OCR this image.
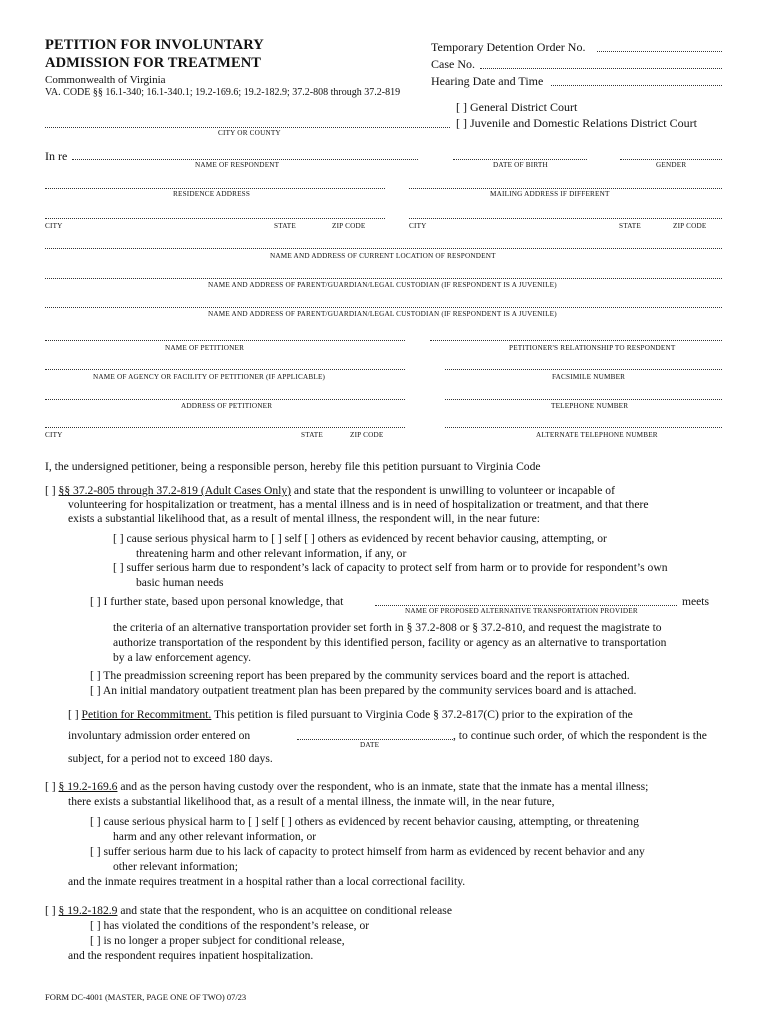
PETITION FOR INVOLUNTARY
ADMISSION FOR TREATMENT
Commonwealth of Virginia
VA. CODE §§ 16.1-340; 16.1-340.1; 19.2-169.6; 19.2-182.9; 37.2-808 through 37.2-819
Temporary Detention Order No.
Case No.
Hearing Date and Time
[ ] General District Court
[ ] Juvenile and Domestic Relations District Court
CITY OR COUNTY
In re
NAME OF RESPONDENT	DATE OF BIRTH	GENDER
RESIDENCE ADDRESS	MAILING ADDRESS IF DIFFERENT
CITY	STATE	ZIP CODE	CITY	STATE	ZIP CODE
NAME AND ADDRESS OF CURRENT LOCATION OF RESPONDENT
NAME AND ADDRESS OF PARENT/GUARDIAN/LEGAL CUSTODIAN (IF RESPONDENT IS A JUVENILE)
NAME AND ADDRESS OF PARENT/GUARDIAN/LEGAL CUSTODIAN (IF RESPONDENT IS A JUVENILE)
NAME OF PETITIONER	PETITIONER'S RELATIONSHIP TO RESPONDENT
NAME OF AGENCY OR FACILITY OF PETITIONER (IF APPLICABLE)	FACSIMILE NUMBER
ADDRESS OF PETITIONER	TELEPHONE NUMBER
CITY	STATE	ZIP CODE	ALTERNATE TELEPHONE NUMBER
I, the undersigned petitioner, being a responsible person, hereby file this petition pursuant to Virginia Code
[ ] §§ 37.2-805 through 37.2-819 (Adult Cases Only) and state that the respondent is unwilling to volunteer or incapable of
volunteering for hospitalization or treatment, has a mental illness and is in need of hospitalization or treatment, and that there
exists a substantial likelihood that, as a result of mental illness, the respondent will, in the near future:
[ ] cause serious physical harm to [ ] self [ ] others as evidenced by recent behavior causing, attempting, or
threatening harm and other relevant information, if any, or
[ ] suffer serious harm due to respondent’s lack of capacity to protect self from harm or to provide for respondent’s own
basic human needs
[ ] I further state, based upon personal knowledge, that	meets
NAME OF PROPOSED ALTERNATIVE TRANSPORTATION PROVIDER
the criteria of an alternative transportation provider set forth in § 37.2-808 or § 37.2-810, and request the magistrate to
authorize transportation of the respondent by this identified person, facility or agency as an alternative to transportation
by a law enforcement agency.
[ ] The preadmission screening report has been prepared by the community services board and the report is attached.
[ ] An initial mandatory outpatient treatment plan has been prepared by the community services board and is attached.
[ ] Petition for Recommitment. This petition is filed pursuant to Virginia Code § 37.2-817(C) prior to the expiration of the
involuntary admission order entered on	, to continue such order, of which the respondent is the
DATE
subject, for a period not to exceed 180 days.
[ ] § 19.2-169.6 and as the person having custody over the respondent, who is an inmate, state that the inmate has a mental illness;
there exists a substantial likelihood that, as a result of a mental illness, the inmate will, in the near future,
[ ] cause serious physical harm to [ ] self [ ] others as evidenced by recent behavior causing, attempting, or threatening
harm and any other relevant information, or
[ ] suffer serious harm due to his lack of capacity to protect himself from harm as evidenced by recent behavior and any
other relevant information;
and the inmate requires treatment in a hospital rather than a local correctional facility.
[ ] § 19.2-182.9 and state that the respondent, who is an acquittee on conditional release
[ ] has violated the conditions of the respondent’s release, or
[ ] is no longer a proper subject for conditional release,
and the respondent requires inpatient hospitalization.
FORM DC-4001 (MASTER, PAGE ONE OF TWO) 07/23
